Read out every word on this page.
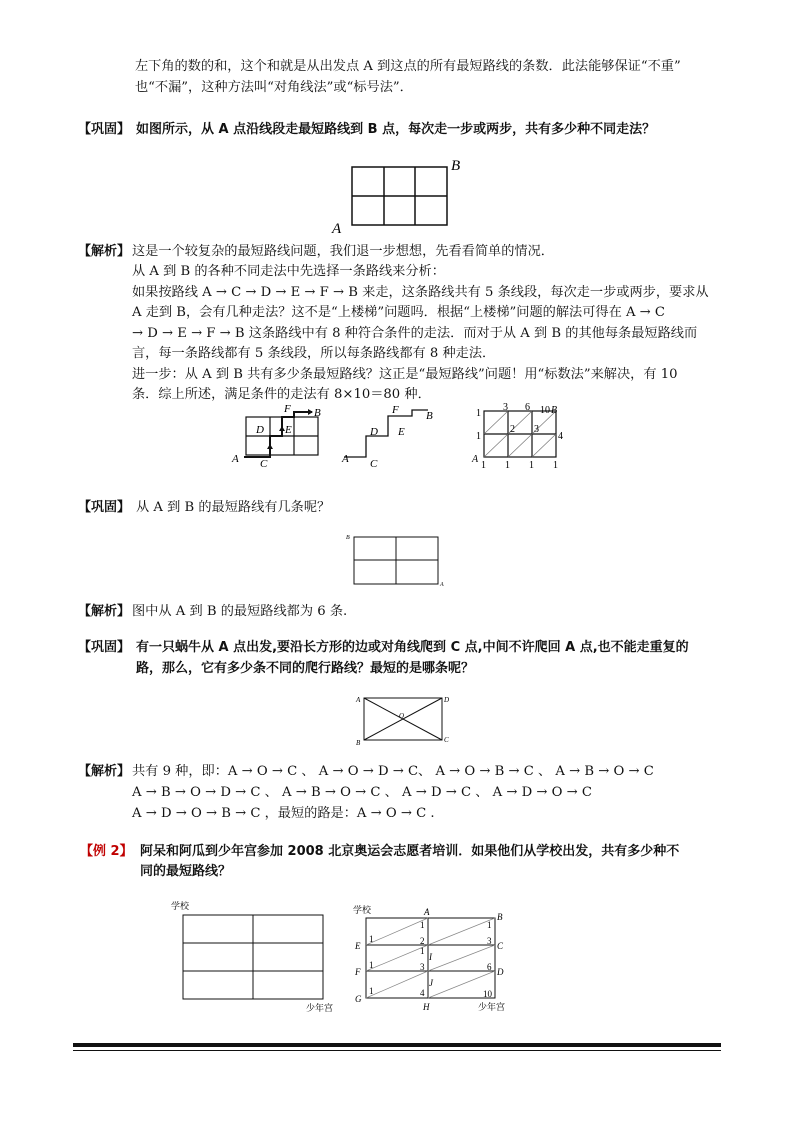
左下角的数的和，这个和就是从出发点 A 到这点的所有最短路线的条数．此法能够保证“不重”
也“不漏”，这种方法叫“对角线法”或“标号法”．
【巩固】 如图所示，从 A 点沿线段走最短路线到 B 点，每次走一步或两步，共有多少种不同走法？
B
A
【解析】 这是一个较复杂的最短路线问题，我们退一步想想，先看看简单的情况．
从 A 到 B 的各种不同走法中先选择一条路线来分析：
如果按路线 A → C → D → E → F → B 来走，这条路线共有 5 条线段，每次走一步或两步，要求从
A 走到 B，会有几种走法？这不是“上楼梯”问题吗．根据“上楼梯”问题的解法可得在 A → C
→ D → E → F → B 这条路线中有 8 种符合条件的走法．而对于从 A 到 B 的其他每条最短路线而
言，每一条路线都有 5 条线段，所以每条路线都有 8 种走法．
进一步：从 A 到 B 共有多少条最短路线？这正是“最短路线”问题！用“标数法”来解决，有 10
条．综上所述，满足条件的走法有 8×10＝80 种．
F B
D E
A C
F B
D E
A C
1
3 6 10 B
1
2 3
4
A
1 1 1 1
【巩固】 从 A 到 B 的最短路线有几条呢？
B
A
【解析】 图中从 A 到 B 的最短路线都为 6 条.
【巩固】 有一只蜗牛从 A 点出发,要沿长方形的边或对角线爬到 C 点,中间不许爬回 A 点,也不能走重复的
路，那么，它有多少条不同的爬行路线？最短的是哪条呢？
A	D
O
B	C
【解析】 共有 9 种，即：A → O → C 、 A → O → D → C、 A → O → B → C 、 A → B → O → C
A → B → O → D → C 、 A → B → O → C 、 A → D → C 、 A → D → O → C
A → D → O → B → C ，最短的路是：A → O → C .
【例 2】 阿呆和阿瓜到少年宫参加 2008 北京奥运会志愿者培训．如果他们从学校出发，共有多少种不
同的最短路线？
学校
少年宫
学校
少年宫
A	B
C
D
E
F
G
H
I
J
1
1
1
2	3
1	3	6
1	4	10
1
